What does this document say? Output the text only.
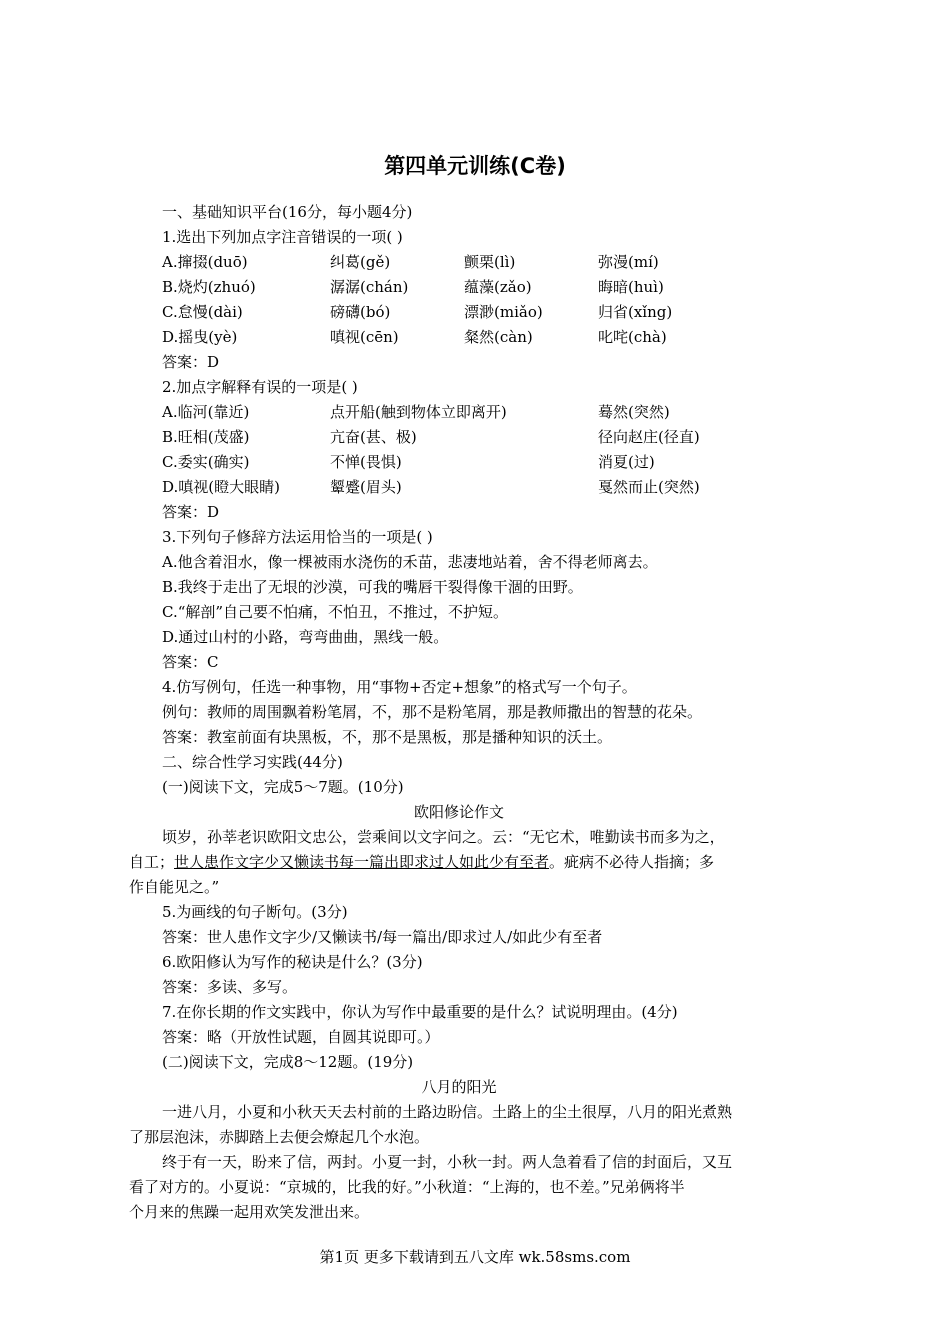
第四单元训练(C卷)
一、基础知识平台(16分，每小题4分)
1.选出下列加点字注音错误的一项( )
A.撺掇(duō)	纠葛(gě)	颤栗(lì)	弥漫(mí)
B.烧灼(zhuó)	潺潺(chán)	蕴藻(zǎo)	晦暗(huì)
C.怠慢(dài)	磅礴(bó)	漂渺(miǎo)	归省(xǐng)
D.摇曳(yè)	嗔视(cēn)	粲然(càn)	叱咤(chà)
答案：D
2.加点字解释有误的一项是( )
A.临河(靠近)	点开船(触到物体立即离开)	蓦然(突然)
B.旺相(茂盛)	亢奋(甚、极)	径向赵庄(径直)
C.委实(确实)	不惮(畏惧)	消夏(过)
D.嗔视(瞪大眼睛)	颦蹙(眉头)	戛然而止(突然)
答案：D
3.下列句子修辞方法运用恰当的一项是( )
A.他含着泪水，像一棵被雨水浇伤的禾苗，悲凄地站着，舍不得老师离去。
B.我终于走出了无垠的沙漠，可我的嘴唇干裂得像干涸的田野。
C.“解剖”自己要不怕痛，不怕丑，不推过，不护短。
D.通过山村的小路，弯弯曲曲，黑线一般。
答案：C
4.仿写例句，任选一种事物，用“事物+否定+想象”的格式写一个句子。
例句：教师的周围飘着粉笔屑，不，那不是粉笔屑，那是教师撒出的智慧的花朵。
答案：教室前面有块黑板，不，那不是黑板，那是播种知识的沃土。
二、综合性学习实践(44分)
(一)阅读下文，完成5～7题。(10分)
欧阳修论作文
顷岁，孙莘老识欧阳文忠公，尝乘间以文字问之。云：“无它术，唯勤读书而多为之，
自工；世人患作文字少又懒读书每一篇出即求过人如此少有至者。疵病不必待人指摘；多
作自能见之。”
5.为画线的句子断句。(3分)
答案：世人患作文字少/又懒读书/每一篇出/即求过人/如此少有至者
6.欧阳修认为写作的秘诀是什么？(3分)
答案：多读、多写。
7.在你长期的作文实践中，你认为写作中最重要的是什么？试说明理由。(4分)
答案：略（开放性试题，自圆其说即可。）
(二)阅读下文，完成8～12题。(19分)
八月的阳光
一进八月，小夏和小秋天天去村前的土路边盼信。土路上的尘土很厚，八月的阳光煮熟
了那层泡沫，赤脚踏上去便会燎起几个水泡。
终于有一天，盼来了信，两封。小夏一封，小秋一封。两人急着看了信的封面后，又互
看了对方的。小夏说：“京城的，比我的好。”小秋道：“上海的，也不差。”兄弟俩将半
个月来的焦躁一起用欢笑发泄出来。
第1页 更多下载请到五八文库 wk.58sms.com
